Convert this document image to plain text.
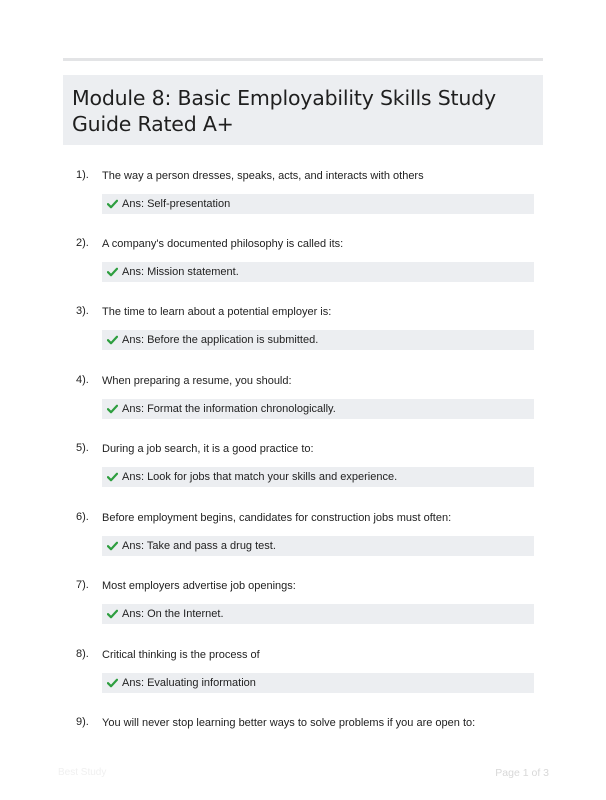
Module 8: Basic Employability Skills Study Guide Rated A+
1). The way a person dresses, speaks, acts, and interacts with others
Ans: Self-presentation
2). A company's documented philosophy is called its:
Ans: Mission statement.
3). The time to learn about a potential employer is:
Ans: Before the application is submitted.
4). When preparing a resume, you should:
Ans: Format the information chronologically.
5). During a job search, it is a good practice to:
Ans: Look for jobs that match your skills and experience.
6). Before employment begins, candidates for construction jobs must often:
Ans: Take and pass a drug test.
7). Most employers advertise job openings:
Ans: On the Internet.
8). Critical thinking is the process of
Ans: Evaluating information
9). You will never stop learning better ways to solve problems if you are open to:
Best Study	Page 1 of 3
